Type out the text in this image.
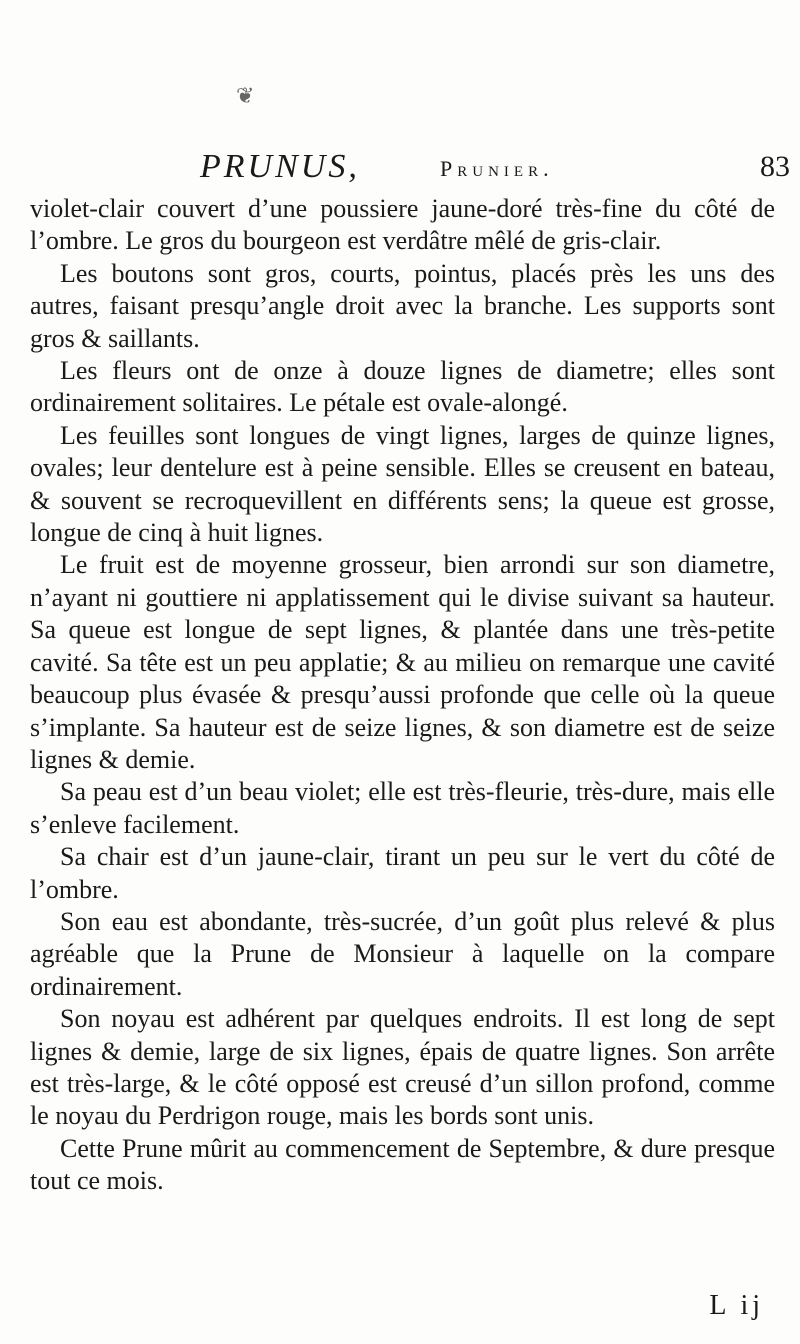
❦
PRUNUS,	Prunier.	83

violet-clair couvert d’une poussiere jaune-doré très-fine du côté de l’ombre. Le gros du bourgeon est verdâtre mêlé de gris-clair.

Les boutons sont gros, courts, pointus, placés près les uns des autres, faisant presqu’angle droit avec la branche. Les supports sont gros & saillants.

Les fleurs ont de onze à douze lignes de diametre; elles sont ordinairement solitaires. Le pétale est ovale-alongé.

Les feuilles sont longues de vingt lignes, larges de quinze lignes, ovales; leur dentelure est à peine sensible. Elles se creusent en bateau, & souvent se recroquevillent en différents sens; la queue est grosse, longue de cinq à huit lignes.

Le fruit est de moyenne grosseur, bien arrondi sur son diametre, n’ayant ni gouttiere ni applatissement qui le divise suivant sa hauteur. Sa queue est longue de sept lignes, & plantée dans une très-petite cavité. Sa tête est un peu applatie; & au milieu on remarque une cavité beaucoup plus évasée & presqu’aussi profonde que celle où la queue s’implante. Sa hauteur est de seize lignes, & son diametre est de seize lignes & demie.

Sa peau est d’un beau violet; elle est très-fleurie, très-dure, mais elle s’enleve facilement.

Sa chair est d’un jaune-clair, tirant un peu sur le vert du côté de l’ombre.

Son eau est abondante, très-sucrée, d’un goût plus relevé & plus agréable que la Prune de Monsieur à laquelle on la compare ordinairement.

Son noyau est adhérent par quelques endroits. Il est long de sept lignes & demie, large de six lignes, épais de quatre lignes. Son arrête est très-large, & le côté opposé est creusé d’un sillon profond, comme le noyau du Perdrigon rouge, mais les bords sont unis.

Cette Prune mûrit au commencement de Septembre, & dure presque tout ce mois.

L ij
